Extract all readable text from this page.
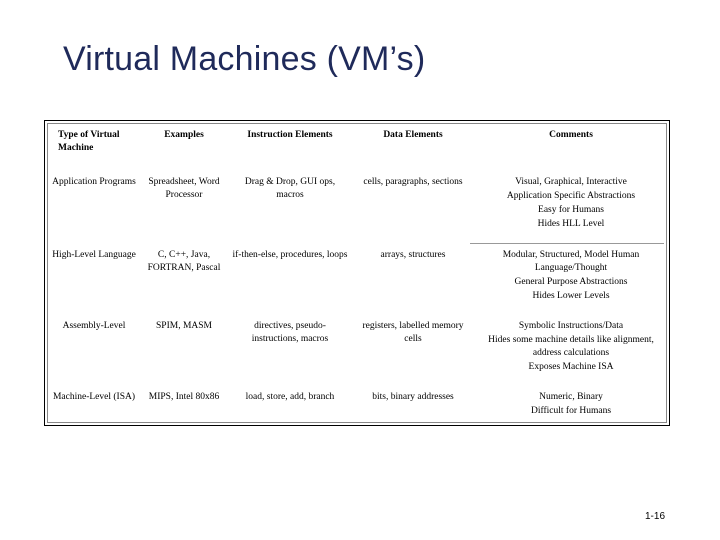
Virtual Machines (VM’s)
Type of Virtual Machine	Examples	Instruction Elements	Data Elements	Comments
Application Programs	Spreadsheet, Word Processor	Drag & Drop, GUI ops, macros	cells, paragraphs, sections	Visual, Graphical, Interactive
Application Specific Abstractions
Easy for Humans
Hides HLL Level

High-Level Language	C, C++, Java, FORTRAN, Pascal	if-then-else, procedures, loops	arrays, structures	Modular, Structured, Model Human Language/Thought
General Purpose Abstractions
Hides Lower Levels

Assembly-Level	SPIM, MASM	directives, pseudo-instructions, macros	registers, labelled memory cells	Symbolic Instructions/Data
Hides some machine details like alignment, address calculations
Exposes Machine ISA

Machine-Level (ISA)	MIPS, Intel 80x86	load, store, add, branch	bits, binary addresses	Numeric, Binary
Difficult for Humans
1-16
